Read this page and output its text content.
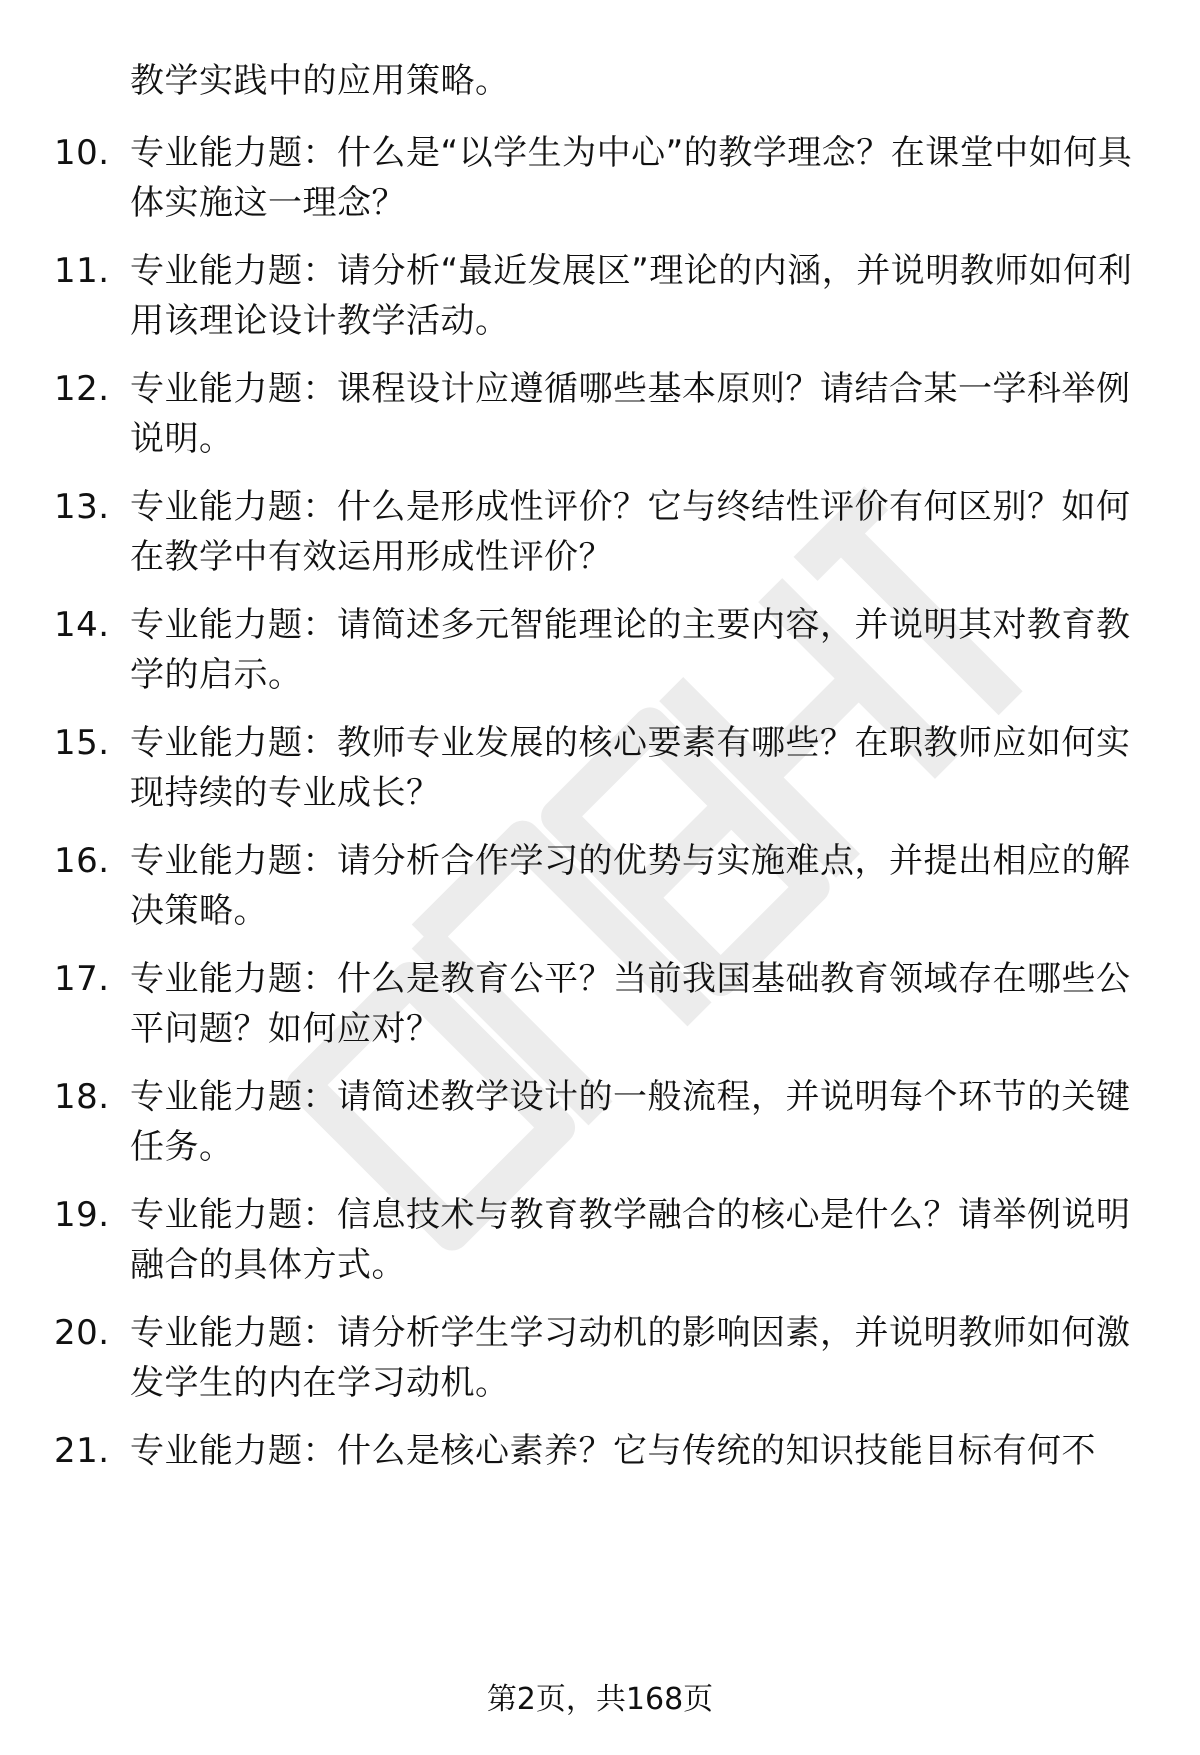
教学实践中的应用策略。
10. 专业能力题：什么是“以学生为中心”的教学理念？在课堂中如何具体实施这一理念？
11. 专业能力题：请分析“最近发展区”理论的内涵，并说明教师如何利用该理论设计教学活动。
12. 专业能力题：课程设计应遵循哪些基本原则？请结合某一学科举例说明。
13. 专业能力题：什么是形成性评价？它与终结性评价有何区别？如何在教学中有效运用形成性评价？
14. 专业能力题：请简述多元智能理论的主要内容，并说明其对教育教学的启示。
15. 专业能力题：教师专业发展的核心要素有哪些？在职教师应如何实现持续的专业成长？
16. 专业能力题：请分析合作学习的优势与实施难点，并提出相应的解决策略。
17. 专业能力题：什么是教育公平？当前我国基础教育领域存在哪些公平问题？如何应对？
18. 专业能力题：请简述教学设计的一般流程，并说明每个环节的关键任务。
19. 专业能力题：信息技术与教育教学融合的核心是什么？请举例说明融合的具体方式。
20. 专业能力题：请分析学生学习动机的影响因素，并说明教师如何激发学生的内在学习动机。
21. 专业能力题：什么是核心素养？它与传统的知识技能目标有何不
第2页，共168页
